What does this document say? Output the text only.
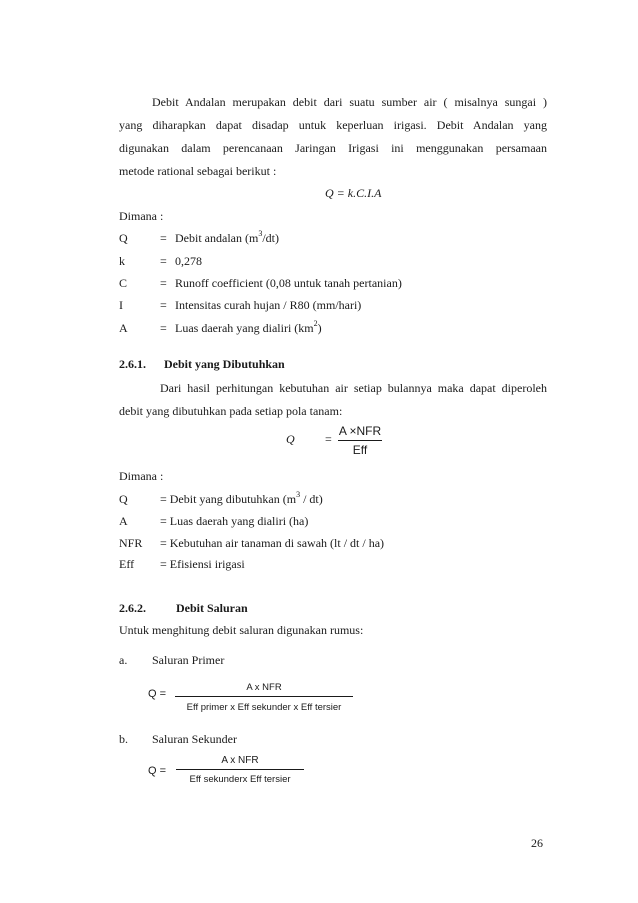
Debit Andalan merupakan debit dari suatu sumber air ( misalnya sungai )
yang diharapkan dapat disadap untuk keperluan irigasi. Debit Andalan yang
digunakan dalam perencanaan Jaringan Irigasi ini menggunakan persamaan
metode rational sebagai berikut :
Q = k.C.I.A
Dimana :
Q	= Debit andalan $(m^3/dt)$
k	= 0,278
C	= Runoff coefficient (0,08 untuk tanah pertanian)
I	= Intensitas curah hujan / R80 (mm/hari)
A	= Luas daerah yang dialiri $(km^2)$
2.6.1. Debit yang Dibutuhkan
Dari hasil perhitungan kebutuhan air setiap bulannya maka dapat diperoleh
debit yang dibutuhkan pada setiap pola tanam:
Q	=
A ×NFR
Eff
Dimana :
Q	= Debit yang dibutuhkan $(m^3 / dt)$
A	= Luas daerah yang dialiri (ha)
NFR = Kebutuhan air tanaman di sawah (lt / dt / ha)
Eff = Efisiensi irigasi
2.6.2.	Debit Saluran
Untuk menghitung debit saluran digunakan rumus:
a. Saluran Primer
Q =
A x NFR
Eff primer x Eff sekunder x Eff tersier
b. Saluran Sekunder
Q =
A x NFR
Eff sekunderx Eff tersier
26
